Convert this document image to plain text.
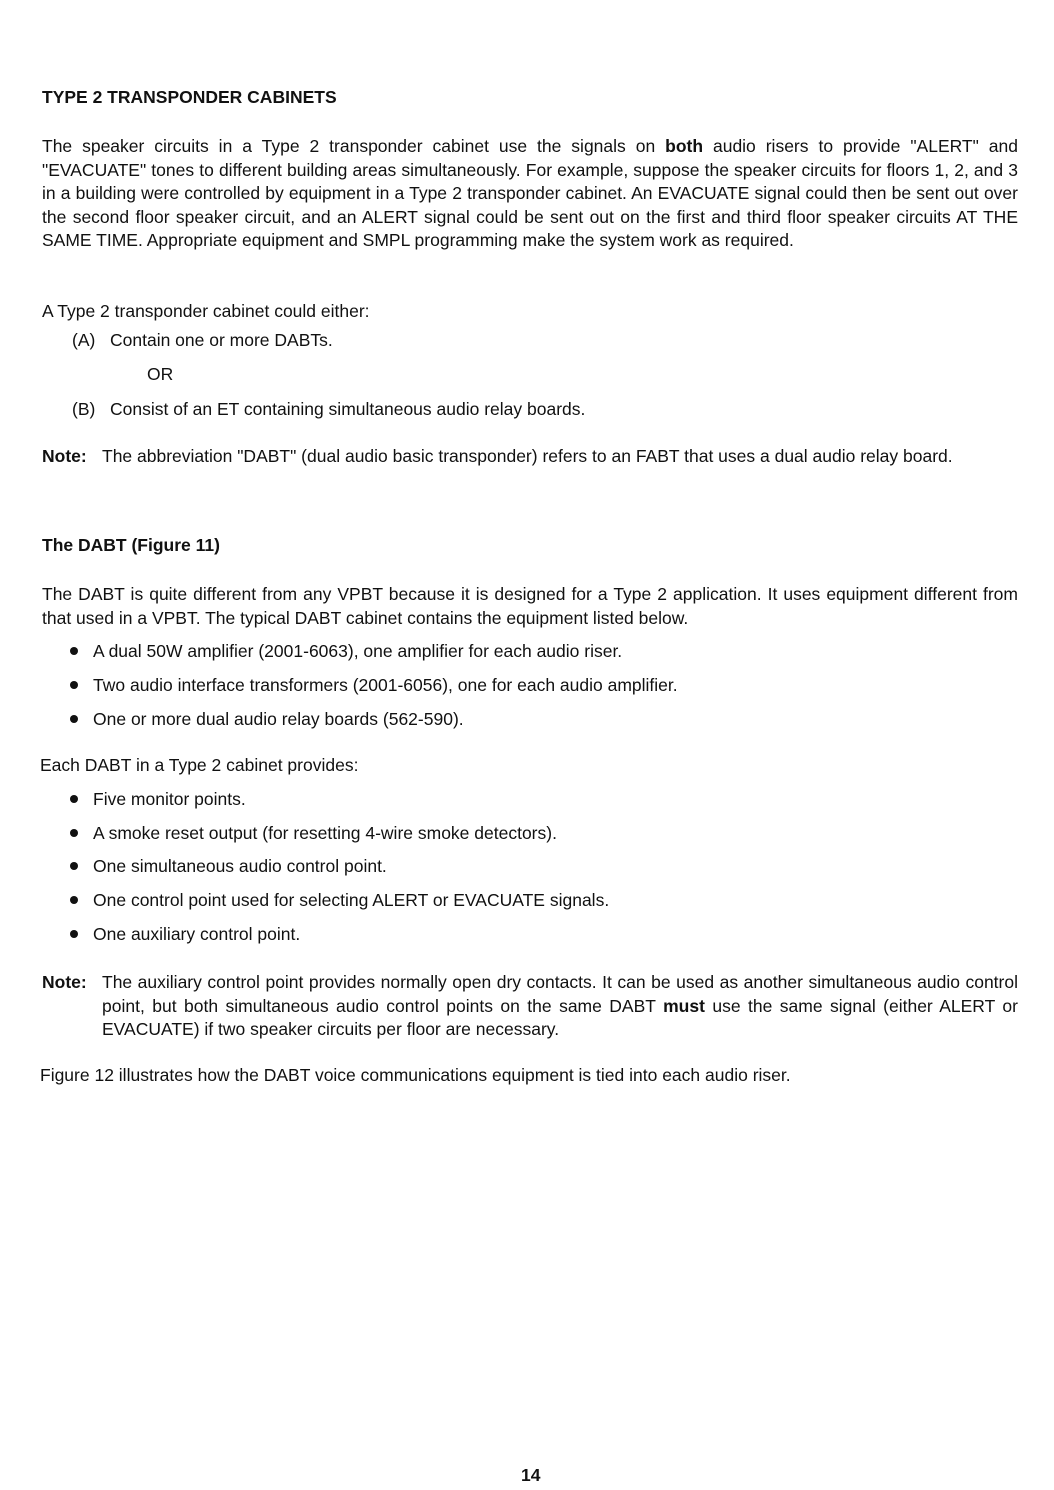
TYPE 2 TRANSPONDER CABINETS
The speaker circuits in a Type 2 transponder cabinet use the signals on both audio risers to provide "ALERT" and "EVACUATE" tones to different building areas simultaneously. For example, suppose the speaker circuits for floors 1, 2, and 3 in a building were controlled by equipment in a Type 2 transponder cabinet. An EVACUATE signal could then be sent out over the second floor speaker circuit, and an ALERT signal could be sent out on the first and third floor speaker circuits AT THE SAME TIME. Appropriate equipment and SMPL programming make the system work as required.
A Type 2 transponder cabinet could either:
(A) Contain one or more DABTs.
OR
(B) Consist of an ET containing simultaneous audio relay boards.
Note: The abbreviation "DABT" (dual audio basic transponder) refers to an FABT that uses a dual audio relay board.
The DABT (Figure 11)
The DABT is quite different from any VPBT because it is designed for a Type 2 application. It uses equipment different from that used in a VPBT. The typical DABT cabinet contains the equipment listed below.
A dual 50W amplifier (2001-6063), one amplifier for each audio riser.
Two audio interface transformers (2001-6056), one for each audio amplifier.
One or more dual audio relay boards (562-590).
Each DABT in a Type 2 cabinet provides:
Five monitor points.
A smoke reset output (for resetting 4-wire smoke detectors).
One simultaneous audio control point.
One control point used for selecting ALERT or EVACUATE signals.
One auxiliary control point.
Note: The auxiliary control point provides normally open dry contacts. It can be used as another simultaneous audio control point, but both simultaneous audio control points on the same DABT must use the same signal (either ALERT or EVACUATE) if two speaker circuits per floor are necessary.
Figure 12 illustrates how the DABT voice communications equipment is tied into each audio riser.
14
